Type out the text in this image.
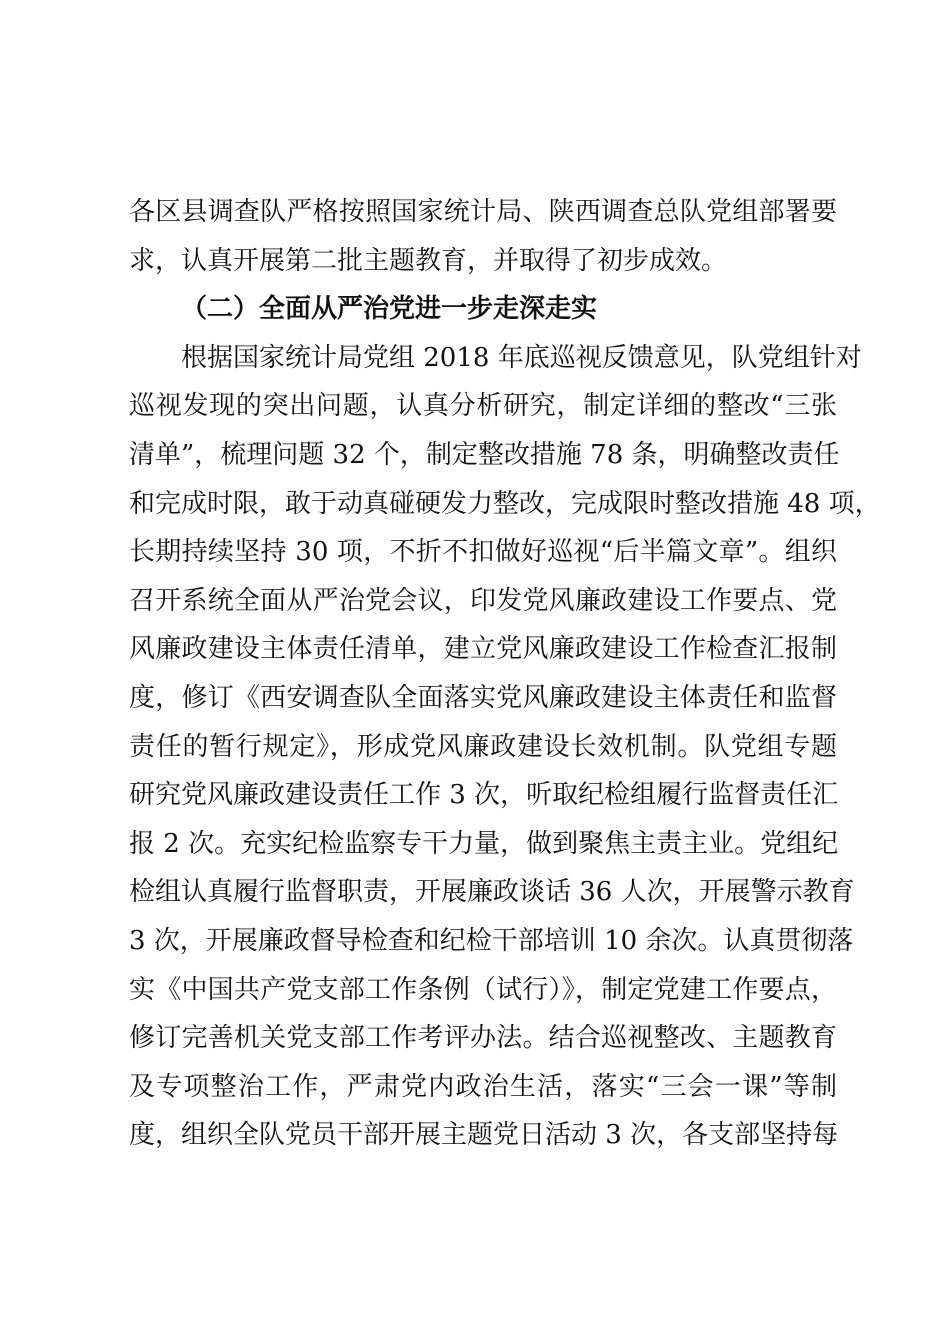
各区县调查队严格按照国家统计局、陕西调查总队党组部署要
求，认真开展第二批主题教育，并取得了初步成效。
（二）全面从严治党进一步走深走实
根据国家统计局党组 2018 年底巡视反馈意见，队党组针对
巡视发现的突出问题，认真分析研究，制定详细的整改“三张
清单”，梳理问题 32 个，制定整改措施 78 条，明确整改责任
和完成时限，敢于动真碰硬发力整改，完成限时整改措施 48 项，
长期持续坚持 30 项，不折不扣做好巡视“后半篇文章”。组织
召开系统全面从严治党会议，印发党风廉政建设工作要点、党
风廉政建设主体责任清单，建立党风廉政建设工作检查汇报制
度，修订《西安调查队全面落实党风廉政建设主体责任和监督
责任的暂行规定》，形成党风廉政建设长效机制。队党组专题
研究党风廉政建设责任工作 3 次，听取纪检组履行监督责任汇
报 2 次。充实纪检监察专干力量，做到聚焦主责主业。党组纪
检组认真履行监督职责，开展廉政谈话 36 人次，开展警示教育
3 次，开展廉政督导检查和纪检干部培训 10 余次。认真贯彻落
实《中国共产党支部工作条例（试行）》，制定党建工作要点，
修订完善机关党支部工作考评办法。结合巡视整改、主题教育
及专项整治工作，严肃党内政治生活，落实“三会一课”等制
度，组织全队党员干部开展主题党日活动 3 次，各支部坚持每
